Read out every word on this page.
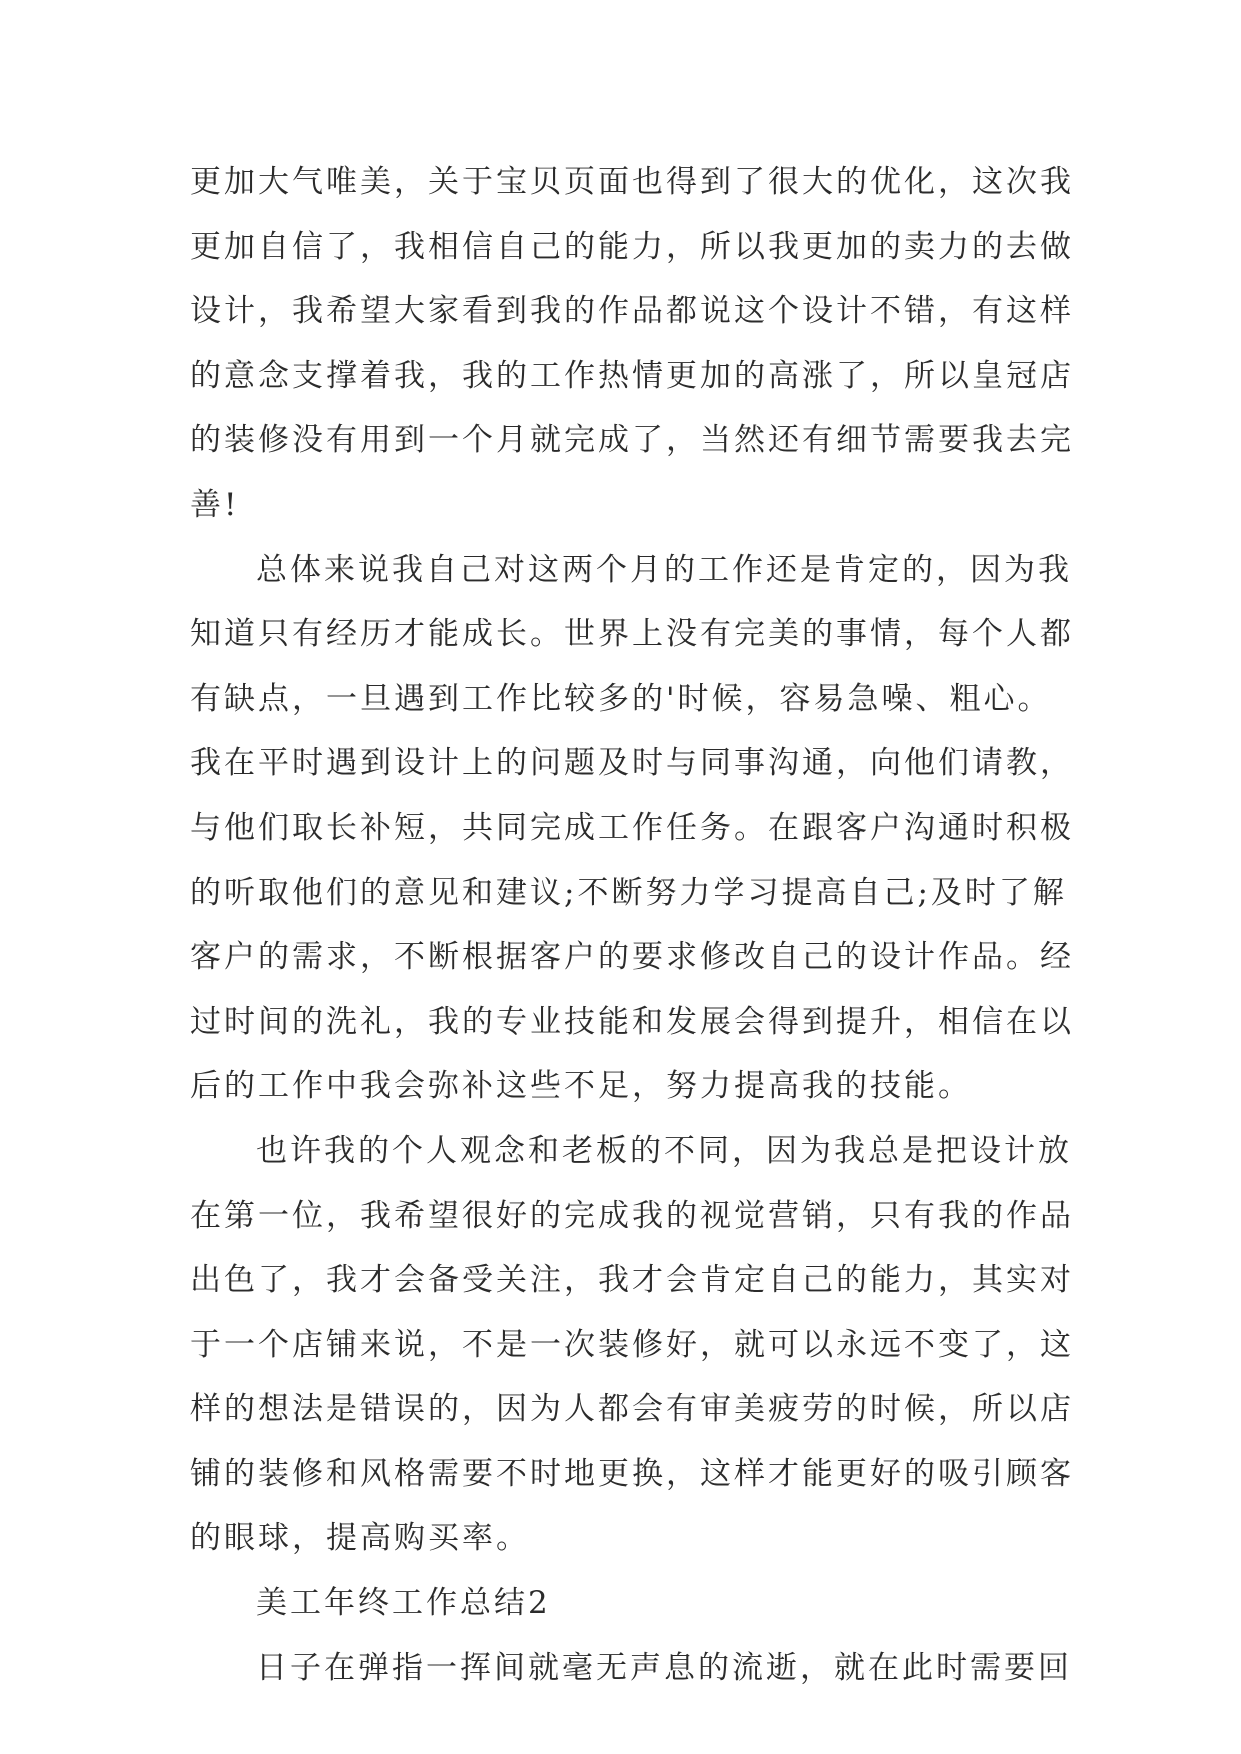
更加大气唯美，关于宝贝页面也得到了很大的优化，这次我
更加自信了，我相信自己的能力，所以我更加的卖力的去做
设计，我希望大家看到我的作品都说这个设计不错，有这样
的意念支撑着我，我的工作热情更加的高涨了，所以皇冠店
的装修没有用到一个月就完成了，当然还有细节需要我去完
善!
总体来说我自己对这两个月的工作还是肯定的，因为我
知道只有经历才能成长。世界上没有完美的事情，每个人都
有缺点，一旦遇到工作比较多的'时候，容易急噪、粗心。
我在平时遇到设计上的问题及时与同事沟通，向他们请教，
与他们取长补短，共同完成工作任务。在跟客户沟通时积极
的听取他们的意见和建议;不断努力学习提高自己;及时了解
客户的需求，不断根据客户的要求修改自己的设计作品。经
过时间的洗礼，我的专业技能和发展会得到提升，相信在以
后的工作中我会弥补这些不足，努力提高我的技能。
也许我的个人观念和老板的不同，因为我总是把设计放
在第一位，我希望很好的完成我的视觉营销，只有我的作品
出色了，我才会备受关注，我才会肯定自己的能力，其实对
于一个店铺来说，不是一次装修好，就可以永远不变了，这
样的想法是错误的，因为人都会有审美疲劳的时候，所以店
铺的装修和风格需要不时地更换，这样才能更好的吸引顾客
的眼球，提高购买率。
美工年终工作总结2
日子在弹指一挥间就毫无声息的流逝，就在此时需要回
